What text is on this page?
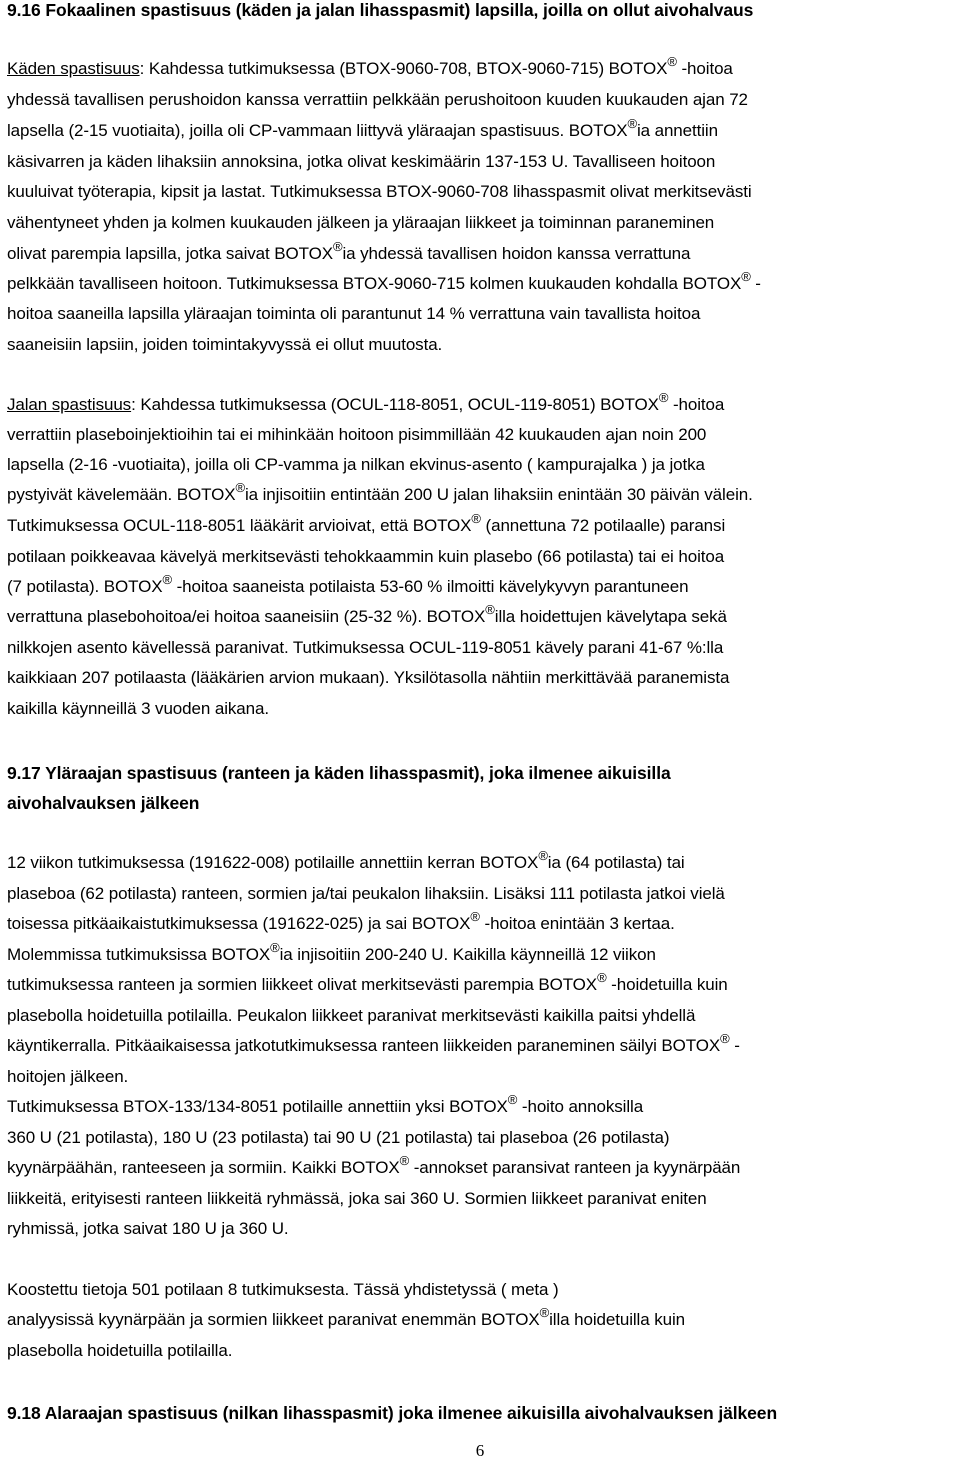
9.16 Fokaalinen spastisuus (käden ja jalan lihasspasmit) lapsilla, joilla on ollut aivohalvaus
Käden spastisuus: Kahdessa tutkimuksessa (BTOX-9060-708, BTOX-9060-715) BOTOX® -hoitoa
yhdessä tavallisen perushoidon kanssa verrattiin pelkkään perushoitoon kuuden kuukauden ajan 72
lapsella (2-15 vuotiaita), joilla oli CP-vammaan liittyvä yläraajan spastisuus. BOTOX®ia annettiin
käsivarren ja käden lihaksiin annoksina, jotka olivat keskimäärin 137-153 U. Tavalliseen hoitoon
kuuluivat työterapia, kipsit ja lastat. Tutkimuksessa BTOX-9060-708 lihasspasmit olivat merkitsevästi
vähentyneet yhden ja kolmen kuukauden jälkeen ja yläraajan liikkeet ja toiminnan paraneminen
olivat parempia lapsilla, jotka saivat BOTOX®ia yhdessä tavallisen hoidon kanssa verrattuna
pelkkään tavalliseen hoitoon. Tutkimuksessa BTOX-9060-715 kolmen kuukauden kohdalla BOTOX® -
hoitoa saaneilla lapsilla yläraajan toiminta oli parantunut 14 % verrattuna vain tavallista hoitoa
saaneisiin lapsiin, joiden toimintakyvyssä ei ollut muutosta.
Jalan spastisuus: Kahdessa tutkimuksessa (OCUL-118-8051, OCUL-119-8051) BOTOX® -hoitoa
verrattiin plaseboinjektioihin tai ei mihinkään hoitoon pisimmillään 42 kuukauden ajan noin 200
lapsella (2-16 -vuotiaita), joilla oli CP-vamma ja nilkan ekvinus-asento ( kampurajalka ) ja jotka
pystyivät kävelemään. BOTOX®ia injisoitiin entintään 200 U jalan lihaksiin enintään 30 päivän välein.
Tutkimuksessa OCUL-118-8051 lääkärit arvioivat, että BOTOX® (annettuna 72 potilaalle) paransi
potilaan poikkeavaa kävelyä merkitsevästi tehokkaammin kuin plasebo (66 potilasta) tai ei hoitoa
(7 potilasta). BOTOX® -hoitoa saaneista potilaista 53-60 % ilmoitti kävelykyvyn parantuneen
verrattuna plasebohoitoa/ei hoitoa saaneisiin (25-32 %). BOTOX®illa hoidettujen kävelytapa sekä
nilkkojen asento kävellessä paranivat. Tutkimuksessa OCUL-119-8051 kävely parani 41-67 %:lla
kaikkiaan 207 potilaasta (lääkärien arvion mukaan). Yksilötasolla nähtiin merkittävää paranemista
kaikilla käynneillä 3 vuoden aikana.
9.17 Yläraajan spastisuus (ranteen ja käden lihasspasmit), joka ilmenee aikuisilla
aivohalvauksen jälkeen
12 viikon tutkimuksessa (191622-008) potilaille annettiin kerran BOTOX®ia (64 potilasta) tai
plaseboa (62 potilasta) ranteen, sormien ja/tai peukalon lihaksiin. Lisäksi 111 potilasta jatkoi vielä
toisessa pitkäaikaistutkimuksessa (191622-025) ja sai BOTOX® -hoitoa enintään 3 kertaa.
Molemmissa tutkimuksissa BOTOX®ia injisoitiin 200-240 U. Kaikilla käynneillä 12 viikon
tutkimuksessa ranteen ja sormien liikkeet olivat merkitsevästi parempia BOTOX® -hoidetuilla kuin
plasebolla hoidetuilla potilailla. Peukalon liikkeet paranivat merkitsevästi kaikilla paitsi yhdellä
käyntikerralla. Pitkäaikaisessa jatkotutkimuksessa ranteen liikkeiden paraneminen säilyi BOTOX® -
hoitojen jälkeen.
Tutkimuksessa BTOX-133/134-8051 potilaille annettiin yksi BOTOX® -hoito annoksilla
360 U (21 potilasta), 180 U (23 potilasta) tai 90 U (21 potilasta) tai plaseboa (26 potilasta)
kyynärpäähän, ranteeseen ja sormiin. Kaikki BOTOX® -annokset paransivat ranteen ja kyynärpään
liikkeitä, erityisesti ranteen liikkeitä ryhmässä, joka sai 360 U. Sormien liikkeet paranivat eniten
ryhmissä, jotka saivat 180 U ja 360 U.
Koostettu tietoja 501 potilaan 8 tutkimuksesta. Tässä yhdistetyssä ( meta )
analyysissä kyynärpään ja sormien liikkeet paranivat enemmän BOTOX®illa hoidetuilla kuin
plasebolla hoidetuilla potilailla.
9.18 Alaraajan spastisuus (nilkan lihasspasmit) joka ilmenee aikuisilla aivohalvauksen jälkeen
6
